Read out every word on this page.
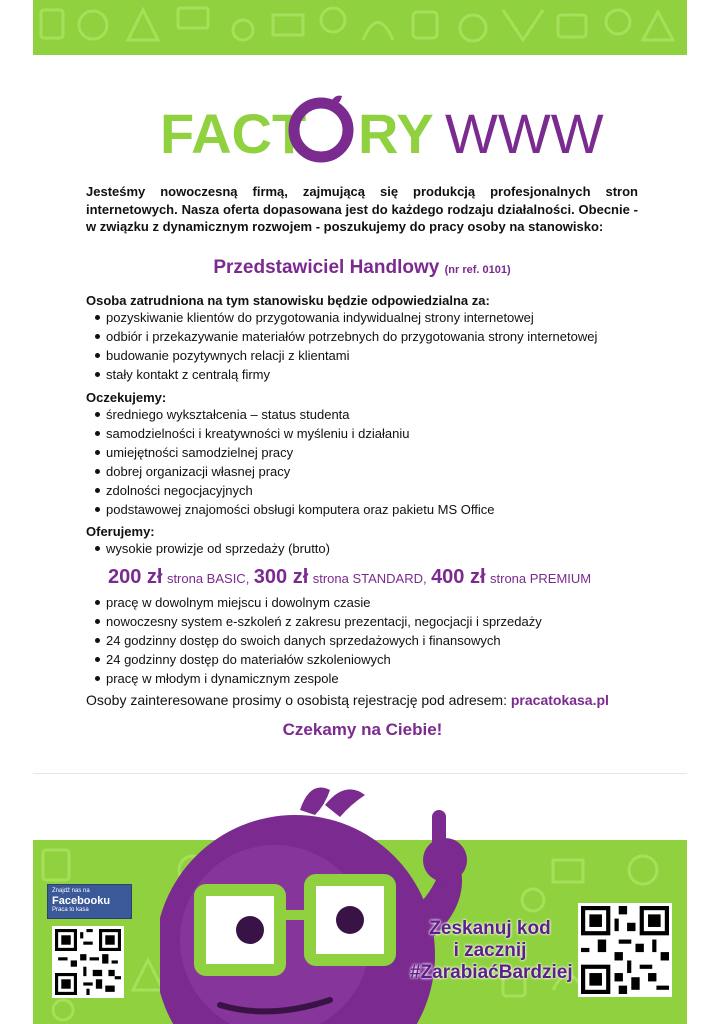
FACT RY WWW

Jesteśmy nowoczesną firmą, zajmującą się produkcją profesjonalnych stron internetowych. Nasza oferta dopasowana jest do każdego rodzaju działalności. Obecnie - w związku z dynamicznym rozwojem - poszukujemy do pracy osoby na stanowisko:

Przedstawiciel Handlowy (nr ref. 0101)
Osoba zatrudniona na tym stanowisku będzie odpowiedzialna za:
pozyskiwanie klientów do przygotowania indywidualnej strony internetowej
odbiór i przekazywanie materiałów potrzebnych do przygotowania strony internetowej
budowanie pozytywnych relacji z klientami
stały kontakt z centralą firmy
Oczekujemy:
średniego wykształcenia – status studenta
samodzielności i kreatywności w myśleniu i działaniu
umiejętności samodzielnej pracy
dobrej organizacji własnej pracy
zdolności negocjacyjnych
podstawowej znajomości obsługi komputera oraz pakietu MS Office
Oferujemy:
wysokie prowizje od sprzedaży (brutto)
200 zł strona BASIC, 300 zł strona STANDARD, 400 zł strona PREMIUM
pracę w dowolnym miejscu i dowolnym czasie
nowoczesny system e-szkoleń z zakresu prezentacji, negocjacji i sprzedaży
24 godzinny dostęp do swoich danych sprzedażowych i finansowych
24 godzinny dostęp do materiałów szkoleniowych
pracę w młodym i dynamicznym zespole
Osoby zainteresowane prosimy o osobistą rejestrację pod adresem: pracatokasa.pl
Czekamy na Ciebie!
Znajdź nas na
Facebooku
Praca to kasa
Zeskanuj kod
i zacznij
#ZarabiaćBardziej
